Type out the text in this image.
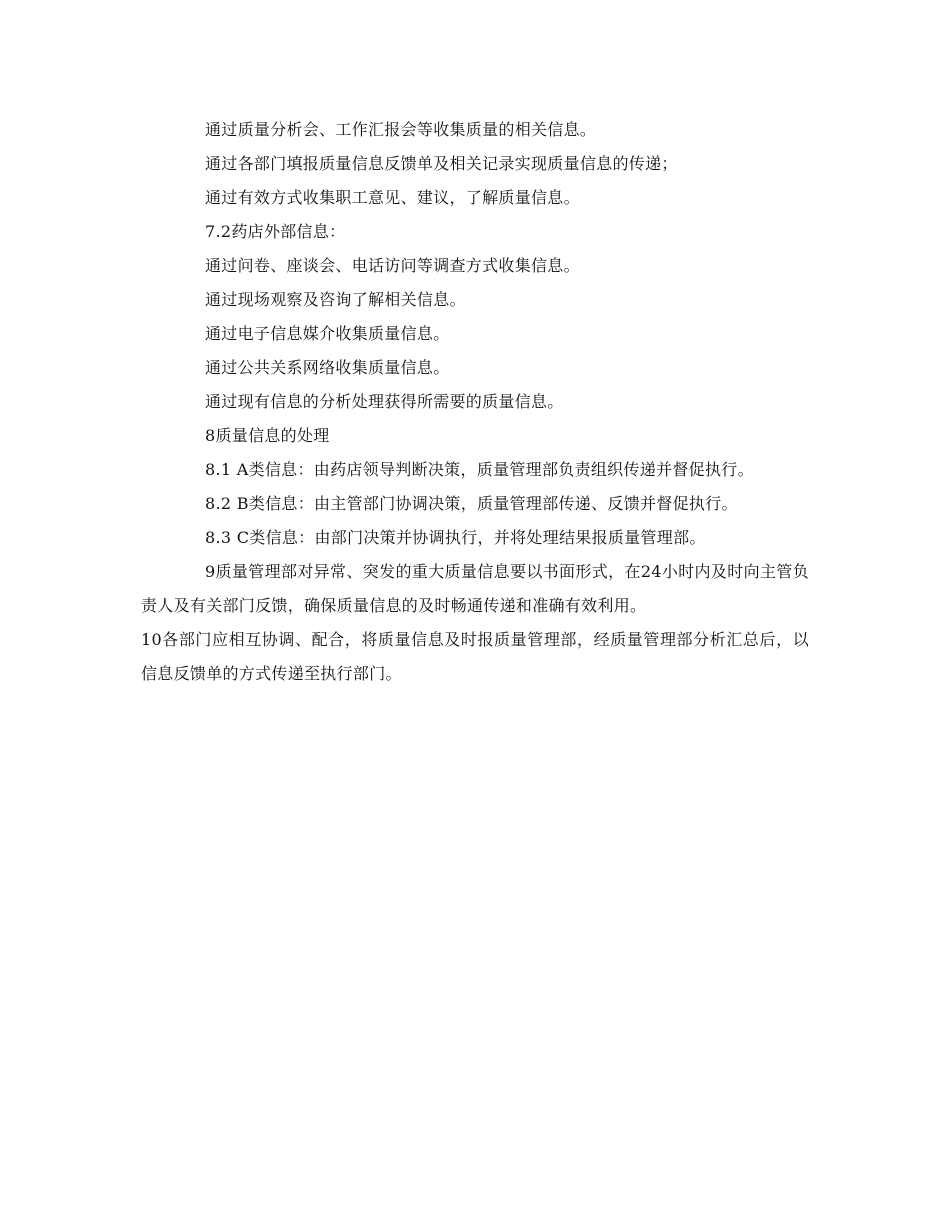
通过质量分析会、工作汇报会等收集质量的相关信息。

通过各部门填报质量信息反馈单及相关记录实现质量信息的传递；

通过有效方式收集职工意见、建议，了解质量信息。

7.2药店外部信息：

通过问卷、座谈会、电话访问等调查方式收集信息。

通过现场观察及咨询了解相关信息。

通过电子信息媒介收集质量信息。

通过公共关系网络收集质量信息。

通过现有信息的分析处理获得所需要的质量信息。

8质量信息的处理

8.1 A类信息：由药店领导判断决策，质量管理部负责组织传递并督促执行。

8.2 B类信息：由主管部门协调决策，质量管理部传递、反馈并督促执行。

8.3 C类信息：由部门决策并协调执行，并将处理结果报质量管理部。

9质量管理部对异常、突发的重大质量信息要以书面形式，在24小时内及时向主管负责人及有关部门反馈，确保质量信息的及时畅通传递和准确有效利用。

10各部门应相互协调、配合，将质量信息及时报质量管理部，经质量管理部分析汇总后，以信息反馈单的方式传递至执行部门。
